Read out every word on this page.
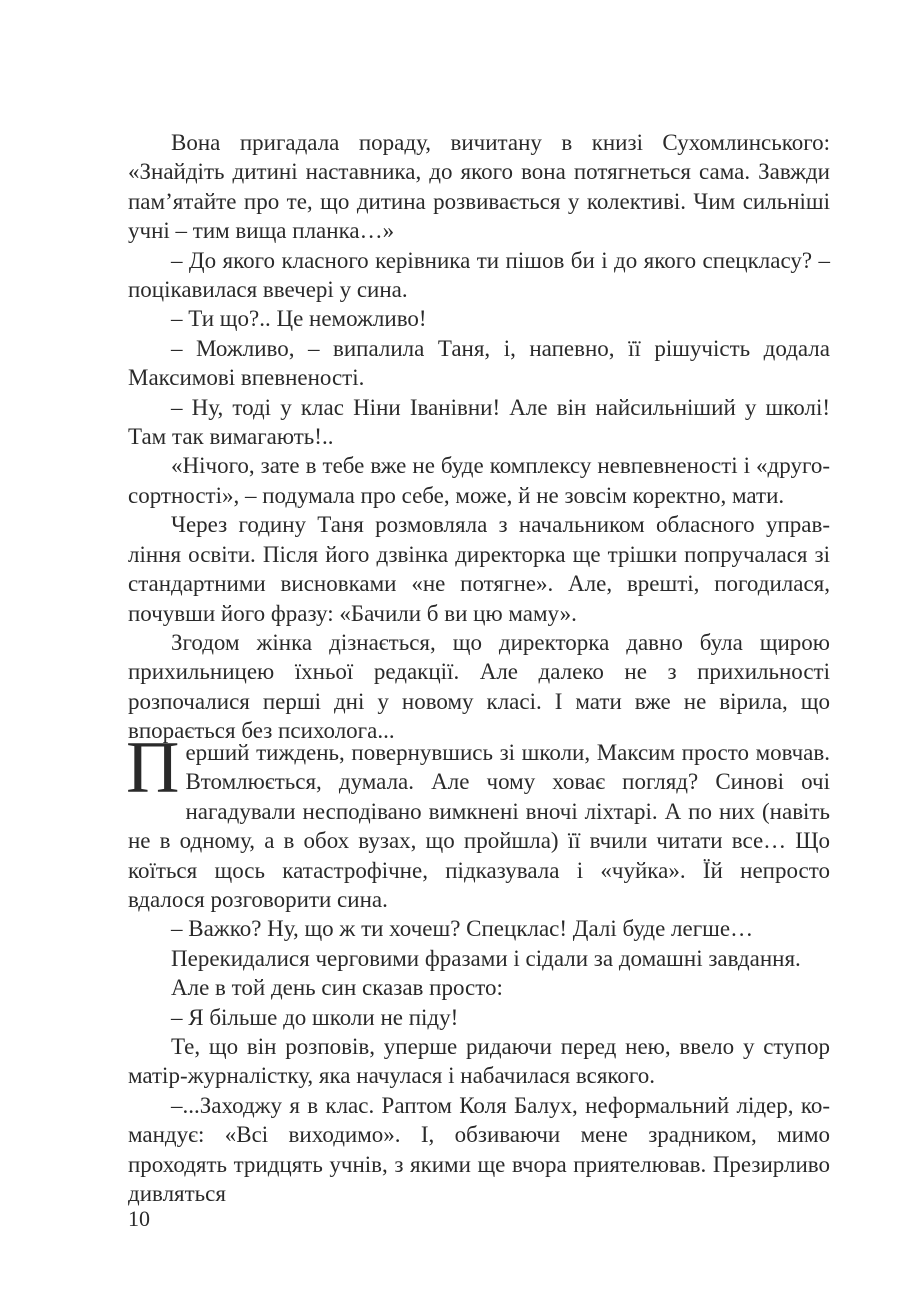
Вона пригадала пораду, вичитану в книзі Сухомлинського: «Знайдіть дитині наставника, до якого вона потягнеться сама. Завжди пам’ятайте про те, що дитина розвивається у колективі. Чим сильніші учні – тим вища планка…»

– До якого класного керівника ти пішов би і до якого спецкласу? – поцікавилася ввечері у сина.

– Ти що?.. Це неможливо!

– Можливо, – випалила Таня, і, напевно, її рішучість додала Максимові впевненості.

– Ну, тоді у клас Ніни Іванівни! Але він найсильніший у школі! Там так вимагають!..

«Нічого, зате в тебе вже не буде комплексу невпевненості і «другосортності», – подумала про себе, може, й не зовсім коректно, мати.

Через годину Таня розмовляла з начальником обласного управління освіти. Після його дзвінка директорка ще трішки попручалася зі стандартними висновками «не потягне». Але, врешті, погодилася, почувши його фразу: «Бачили б ви цю маму».

Згодом жінка дізнається, що директорка давно була щирою прихильницею їхньої редакції. Але далеко не з прихильності розпочалися перші дні у новому класі. І мати вже не вірила, що впорається без психолога...

Перший тиждень, повернувшись зі школи, Максим просто мовчав. Втомлюється, думала. Але чому ховає погляд? Синові очі нагадували несподівано вимкнені вночі ліхтарі. А по них (навіть не в одному, а в обох вузах, що пройшла) її вчили читати все… Що коїться щось катастрофічне, підказувала і «чуйка». Їй непросто вдалося розговорити сина.

– Важко? Ну, що ж ти хочеш? Спецклас! Далі буде легше…

Перекидалися черговими фразами і сідали за домашні завдання.

Але в той день син сказав просто:

– Я більше до школи не піду!

Те, що він розповів, уперше ридаючи перед нею, ввело у ступор матір-журналістку, яка начулася і набачилася всякого.

–...Заходжу я в клас. Раптом Коля Балух, неформальний лідер, командує: «Всі виходимо». І, обзиваючи мене зрадником, мимо проходять тридцять учнів, з якими ще вчора приятелював. Презирливо дивляться

10
